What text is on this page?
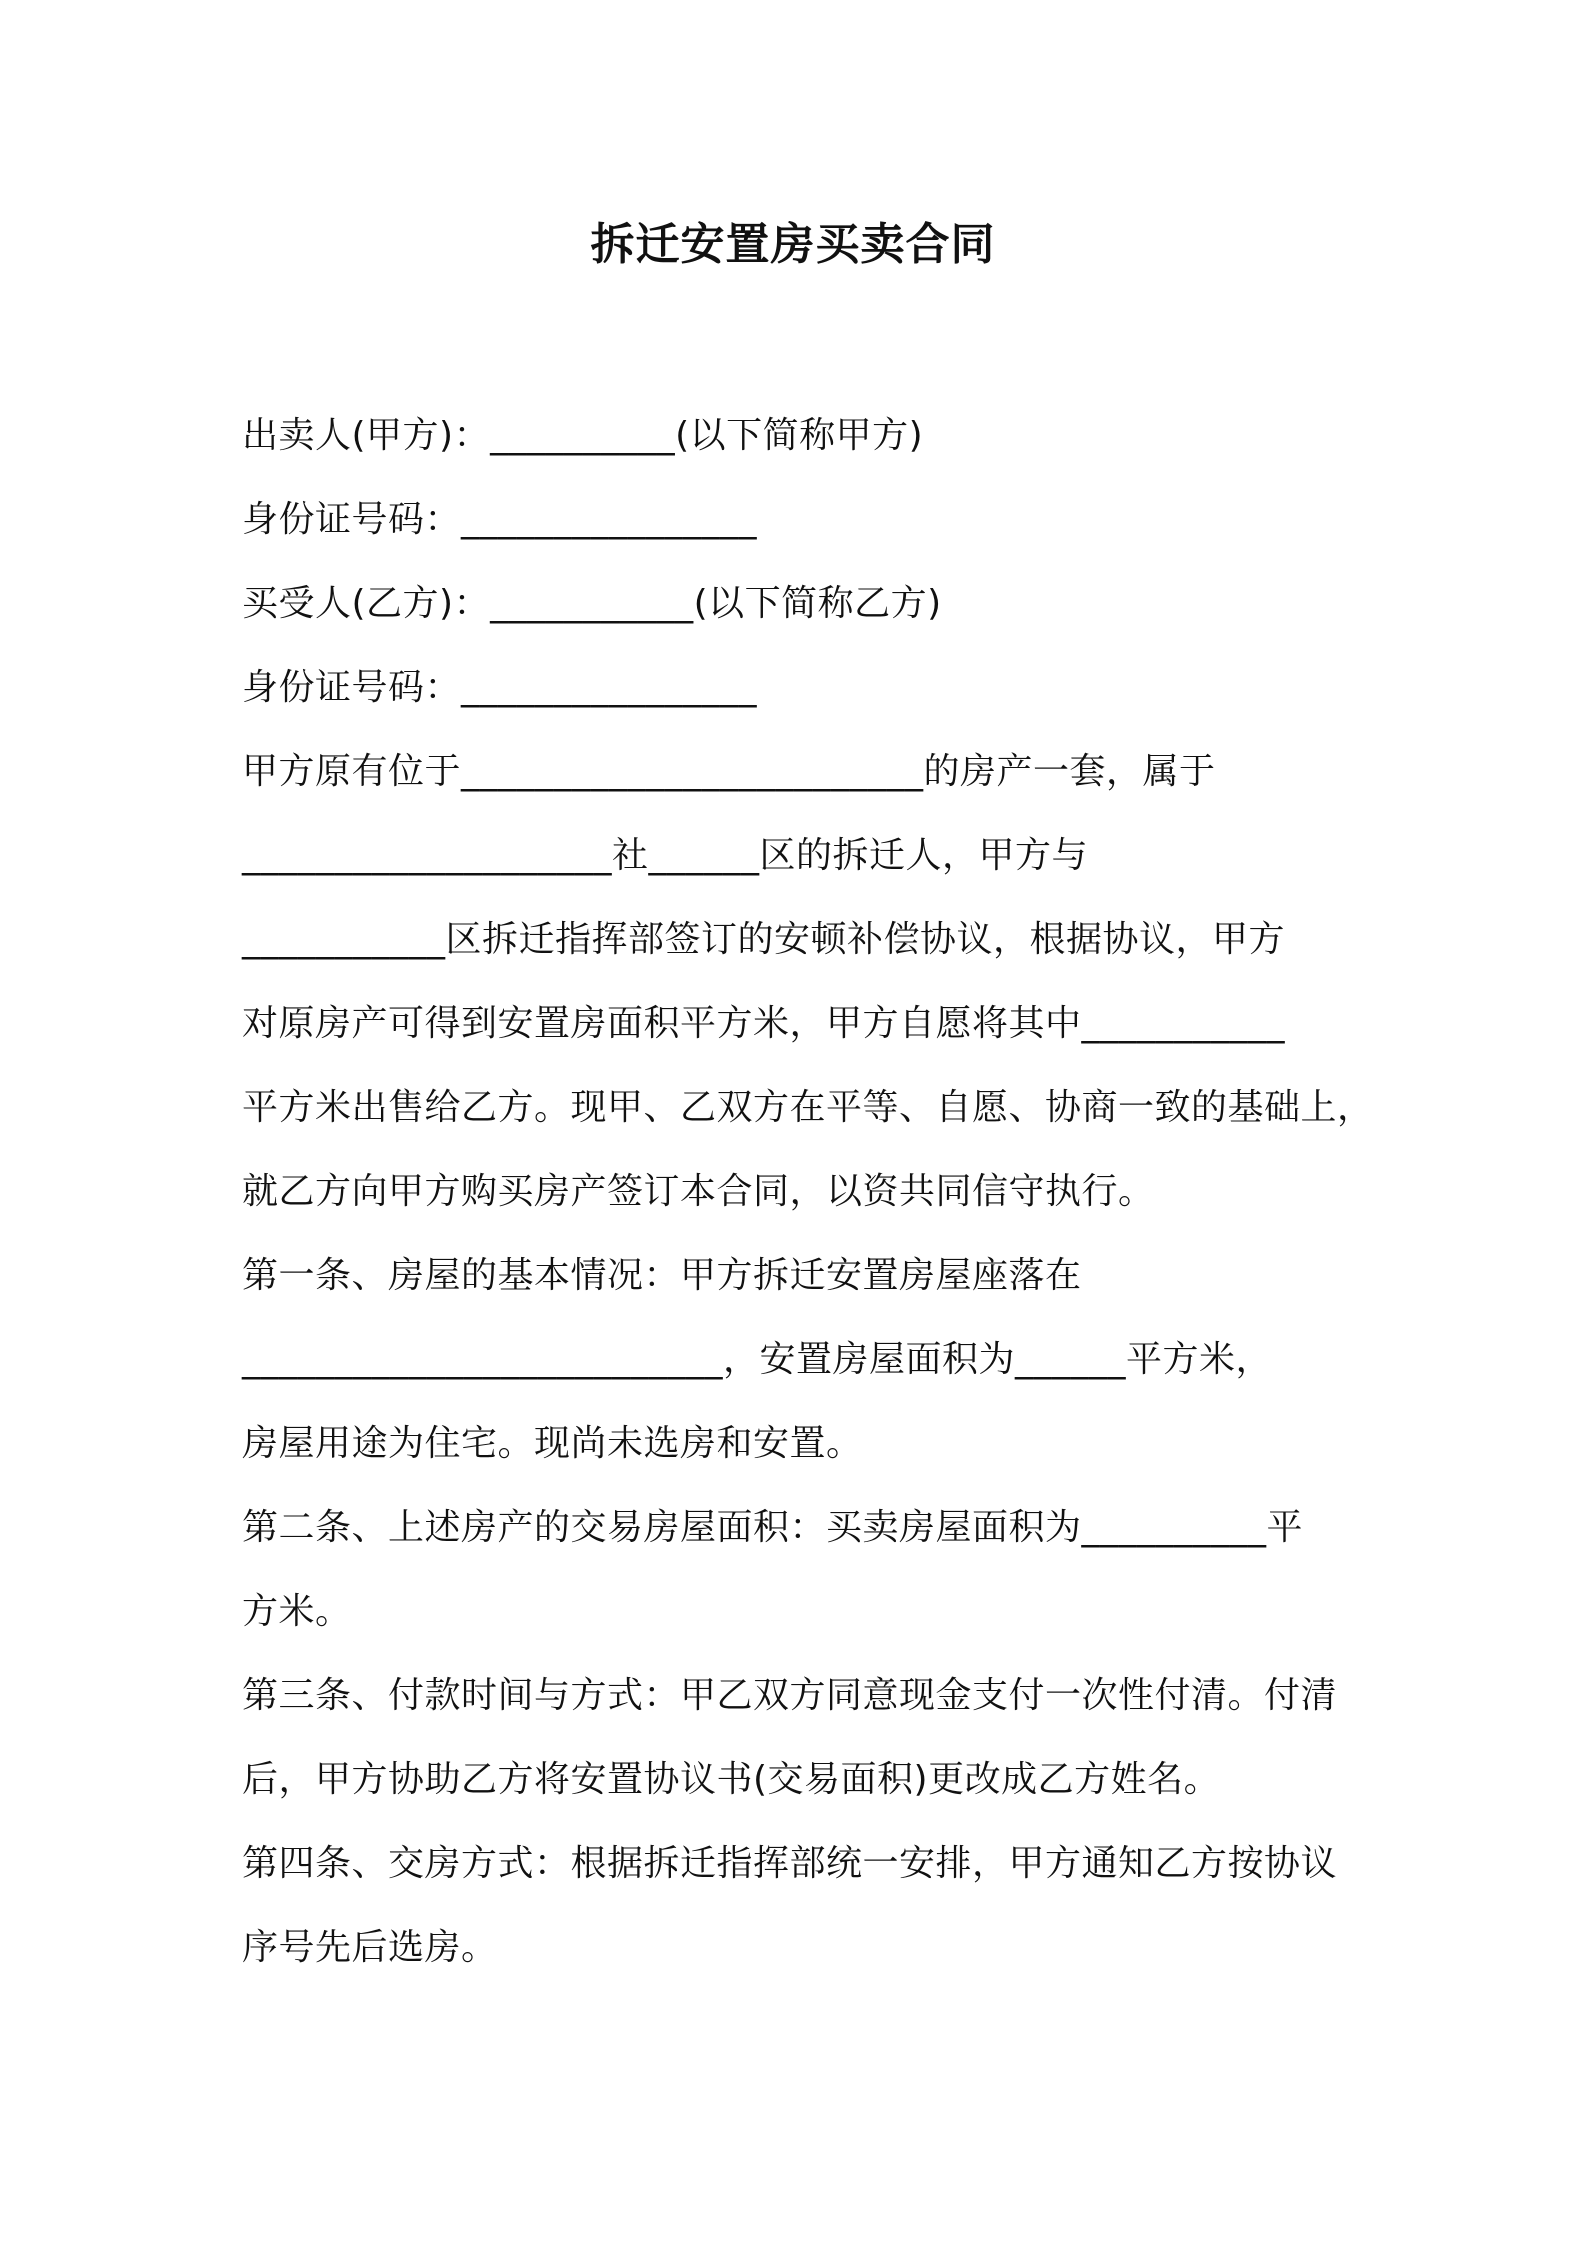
拆迁安置房买卖合同
出卖人(甲方)：__________(以下简称甲方)
身份证号码：________________
买受人(乙方)：___________(以下简称乙方)
身份证号码：________________
甲方原有位于_________________________的房产一套，属于
____________________社______区的拆迁人，甲方与
___________区拆迁指挥部签订的安顿补偿协议，根据协议，甲方
对原房产可得到安置房面积平方米，甲方自愿将其中___________
平方米出售给乙方。现甲、乙双方在平等、自愿、协商一致的基础上，
就乙方向甲方购买房产签订本合同，以资共同信守执行。
第一条、房屋的基本情况：甲方拆迁安置房屋座落在
__________________________，安置房屋面积为______平方米，
房屋用途为住宅。现尚未选房和安置。
第二条、上述房产的交易房屋面积：买卖房屋面积为__________平
方米。
第三条、付款时间与方式：甲乙双方同意现金支付一次性付清。付清
后，甲方协助乙方将安置协议书(交易面积)更改成乙方姓名。
第四条、交房方式：根据拆迁指挥部统一安排，甲方通知乙方按协议
序号先后选房。
